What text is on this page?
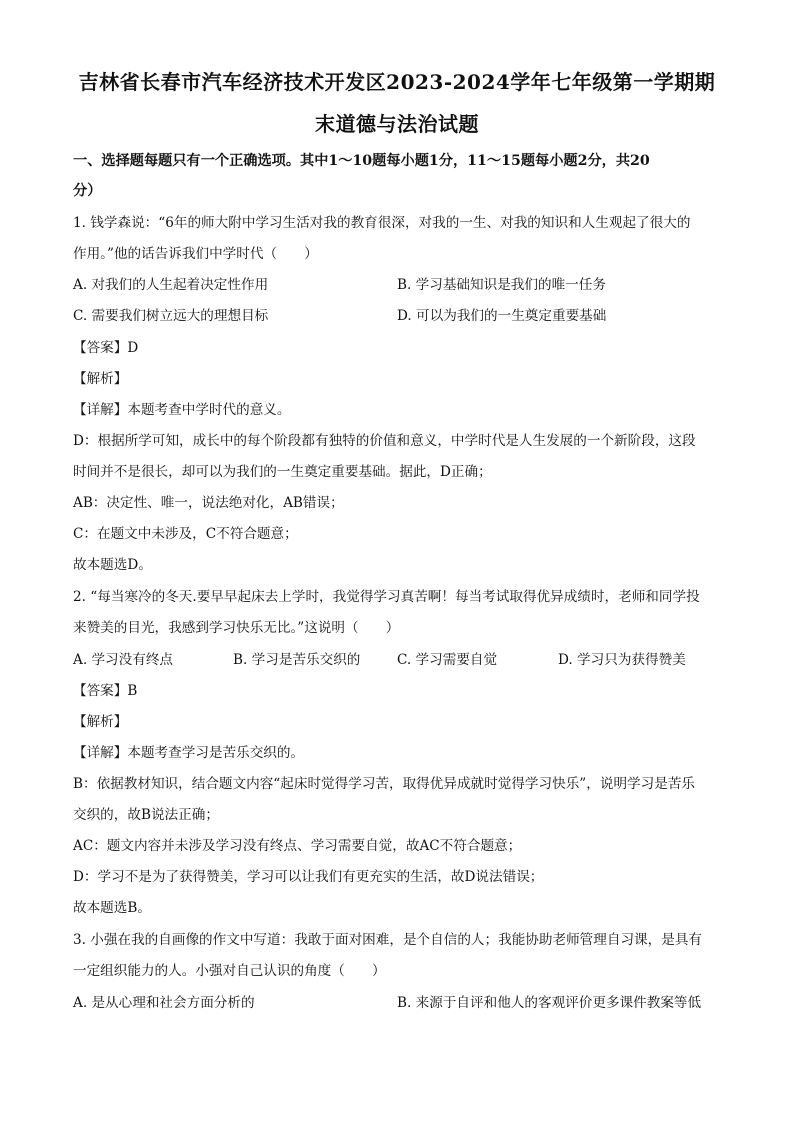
吉林省长春市汽车经济技术开发区2023-2024学年七年级第一学期期
末道德与法治试题
一、选择题每题只有一个正确选项。其中1～10题每小题1分，11～15题每小题2分，共20
分）
1. 钱学森说：“6年的师大附中学习生活对我的教育很深，对我的一生、对我的知识和人生观起了很大的
作用。”他的话告诉我们中学时代（　　）
A. 对我们的人生起着决定性作用	B. 学习基础知识是我们的唯一任务
C. 需要我们树立远大的理想目标	D. 可以为我们的一生奠定重要基础
【答案】D
【解析】
【详解】本题考查中学时代的意义。
D：根据所学可知，成长中的每个阶段都有独特的价值和意义，中学时代是人生发展的一个新阶段，这段
时间并不是很长，却可以为我们的一生奠定重要基础。据此，D正确；
AB：决定性、唯一，说法绝对化，AB错误；
C：在题文中未涉及，C不符合题意；
故本题选D。
2. “每当寒冷的冬天.要早早起床去上学时，我觉得学习真苦啊！每当考试取得优异成绩时，老师和同学投
来赞美的目光，我感到学习快乐无比。”这说明（　　）
A. 学习没有终点	B. 学习是苦乐交织的	C. 学习需要自觉	D. 学习只为获得赞美
【答案】B
【解析】
【详解】本题考查学习是苦乐交织的。
B：依据教材知识，结合题文内容“起床时觉得学习苦，取得优异成就时觉得学习快乐”，说明学习是苦乐
交织的，故B说法正确；
AC：题文内容并未涉及学习没有终点、学习需要自觉，故AC不符合题意；
D：学习不是为了获得赞美，学习可以让我们有更充实的生活，故D说法错误；
故本题选B。
3. 小强在我的自画像的作文中写道：我敢于面对困难，是个自信的人；我能协助老师管理自习课，是具有
一定组织能力的人。小强对自己认识的角度（　　）
A. 是从心理和社会方面分析的	B. 来源于自评和他人的客观评价更多课件教案等低
